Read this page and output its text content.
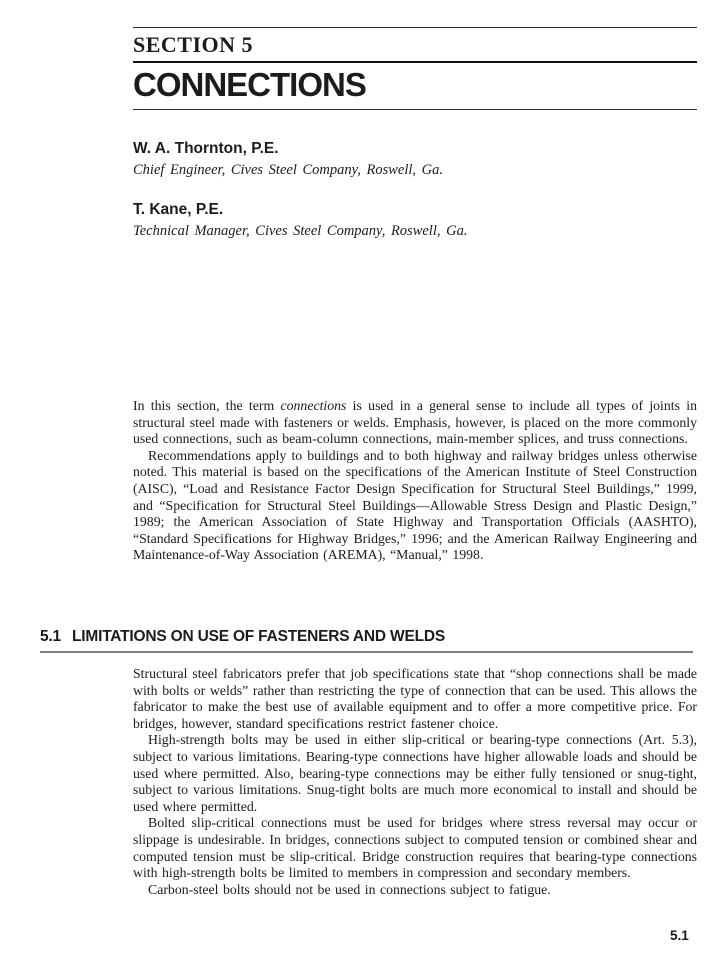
SECTION 5
CONNECTIONS
W. A. Thornton, P.E.
Chief Engineer, Cives Steel Company, Roswell, Ga.
T. Kane, P.E.
Technical Manager, Cives Steel Company, Roswell, Ga.

In this section, the term connections is used in a general sense to include all types of joints in structural steel made with fasteners or welds. Emphasis, however, is placed on the more commonly used connections, such as beam-column connections, main-member splices, and truss connections.

Recommendations apply to buildings and to both highway and railway bridges unless otherwise noted. This material is based on the specifications of the American Institute of Steel Construction (AISC), “Load and Resistance Factor Design Specification for Structural Steel Buildings,” 1999, and “Specification for Structural Steel Buildings—Allowable Stress Design and Plastic Design,” 1989; the American Association of State Highway and Transportation Officials (AASHTO), “Standard Specifications for Highway Bridges,” 1996; and the American Railway Engineering and Maintenance-of-Way Association (AREMA), “Manual,” 1998.

5.1 LIMITATIONS ON USE OF FASTENERS AND WELDS

Structural steel fabricators prefer that job specifications state that “shop connections shall be made with bolts or welds” rather than restricting the type of connection that can be used. This allows the fabricator to make the best use of available equipment and to offer a more competitive price. For bridges, however, standard specifications restrict fastener choice.

High-strength bolts may be used in either slip-critical or bearing-type connections (Art. 5.3), subject to various limitations. Bearing-type connections have higher allowable loads and should be used where permitted. Also, bearing-type connections may be either fully tensioned or snug-tight, subject to various limitations. Snug-tight bolts are much more economical to install and should be used where permitted.

Bolted slip-critical connections must be used for bridges where stress reversal may occur or slippage is undesirable. In bridges, connections subject to computed tension or combined shear and computed tension must be slip-critical. Bridge construction requires that bearing-type connections with high-strength bolts be limited to members in compression and secondary members.

Carbon-steel bolts should not be used in connections subject to fatigue.

5.1
